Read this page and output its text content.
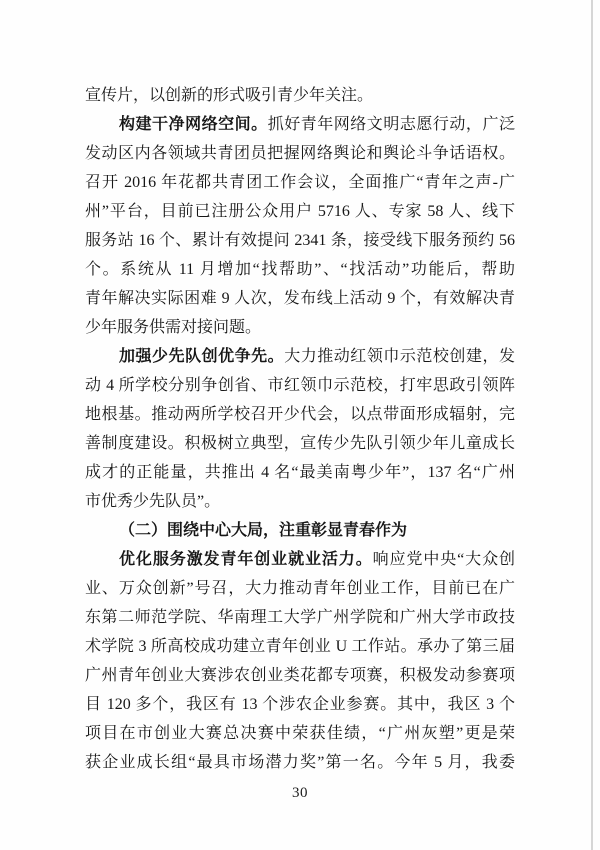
宣传片，以创新的形式吸引青少年关注。
构建干净网络空间。抓好青年网络文明志愿行动，广泛
发动区内各领域共青团员把握网络舆论和舆论斗争话语权。
召开 2016 年花都共青团工作会议，全面推广“青年之声-广
州”平台，目前已注册公众用户 5716 人、专家 58 人、线下
服务站 16 个、累计有效提问 2341 条，接受线下服务预约 56
个。系统从 11 月增加“找帮助”、“找活动”功能后，帮助
青年解决实际困难 9 人次，发布线上活动 9 个，有效解决青
少年服务供需对接问题。
加强少先队创优争先。大力推动红领巾示范校创建，发
动 4 所学校分别争创省、市红领巾示范校，打牢思政引领阵
地根基。推动两所学校召开少代会，以点带面形成辐射，完
善制度建设。积极树立典型，宣传少先队引领少年儿童成长
成才的正能量，共推出 4 名“最美南粤少年”，137 名“广州
市优秀少先队员”。
（二）围绕中心大局，注重彰显青春作为
优化服务激发青年创业就业活力。响应党中央“大众创
业、万众创新”号召，大力推动青年创业工作，目前已在广
东第二师范学院、华南理工大学广州学院和广州大学市政技
术学院 3 所高校成功建立青年创业 U 工作站。承办了第三届
广州青年创业大赛涉农创业类花都专项赛，积极发动参赛项
目 120 多个，我区有 13 个涉农企业参赛。其中，我区 3 个
项目在市创业大赛总决赛中荣获佳绩，“广州灰塑”更是荣
获企业成长组“最具市场潜力奖”第一名。今年 5 月，我委
30
